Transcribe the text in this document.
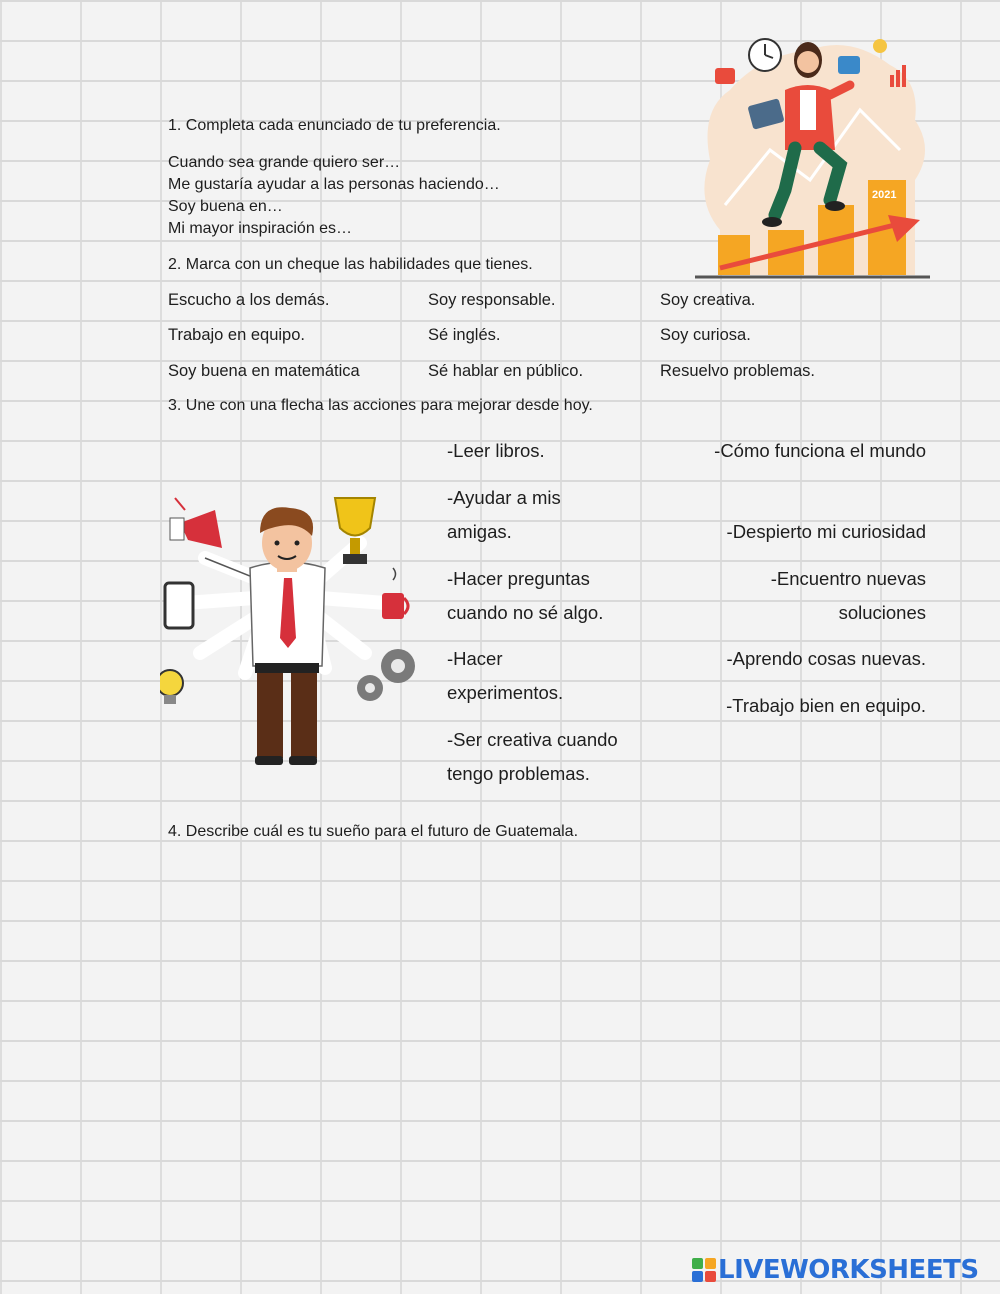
1. Completa cada enunciado de tu preferencia.
Cuando sea grande quiero ser…
Me gustaría ayudar a las personas haciendo…
Soy buena en…
Mi mayor inspiración es…
2. Marca con un cheque las habilidades que tienes.
Escucho a los demás.	Soy responsable.	Soy creativa.
Trabajo en equipo.	Sé inglés.	Soy curiosa.
Soy buena en matemática	Sé hablar en público.	Resuelvo problemas.
3. Une con una flecha las acciones para mejorar desde hoy.
-Leer libros.
-Ayudar a mis amigas.
-Hacer preguntas cuando no sé algo.
-Hacer experimentos.
-Ser creativa cuando tengo problemas.
-Cómo funciona el mundo
-Despierto mi curiosidad
-Encuentro nuevas soluciones
-Aprendo cosas nuevas.
-Trabajo bien en equipo.
4. Describe cuál es tu sueño para el futuro de Guatemala.
2021
LIVEWORKSHEETS
